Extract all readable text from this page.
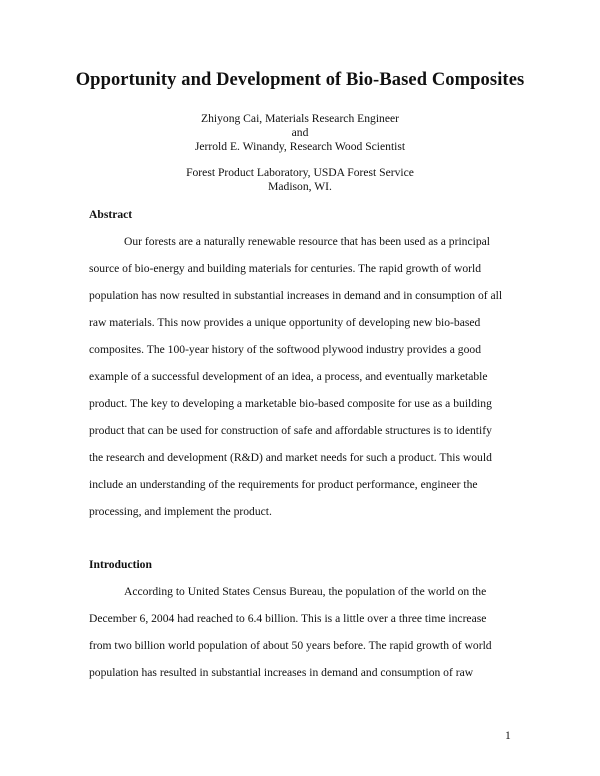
Opportunity and Development of Bio-Based Composites
Zhiyong Cai, Materials Research Engineer
and
Jerrold E. Winandy, Research Wood Scientist
Forest Product Laboratory, USDA Forest Service
Madison, WI.
Abstract
Our forests are a naturally renewable resource that has been used as a principal
source of bio-energy and building materials for centuries. The rapid growth of world
population has now resulted in substantial increases in demand and in consumption of all
raw materials. This now provides a unique opportunity of developing new bio-based
composites. The 100-year history of the softwood plywood industry provides a good
example of a successful development of an idea, a process, and eventually marketable
product. The key to developing a marketable bio-based composite for use as a building
product that can be used for construction of safe and affordable structures is to identify
the research and development (R&D) and market needs for such a product. This would
include an understanding of the requirements for product performance, engineer the
processing, and implement the product.
Introduction
According to United States Census Bureau, the population of the world on the
December 6, 2004 had reached to 6.4 billion. This is a little over a three time increase
from two billion world population of about 50 years before. The rapid growth of world
population has resulted in substantial increases in demand and consumption of raw
1
